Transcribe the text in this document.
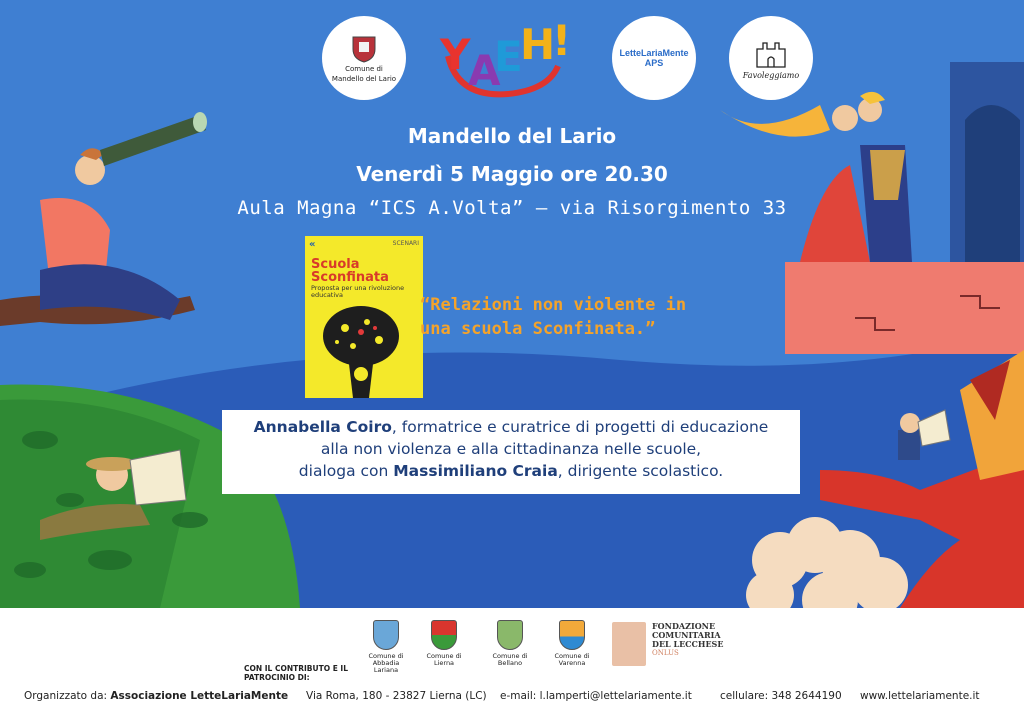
Comune di
Mandello del Lario Y
A
E
H
!	LetteLariaMente APS
Favoleggiamo
Mandello del Lario
Venerdì 5 Maggio ore 20.30
Aula Magna “ICS A.Volta” – via Risorgimento 33
«	SCENARI
Scuola
Sconfinata
Proposta per una rivoluzione educativa	“Relazioni non violente in
una scuola Sconfinata.”
Annabella Coiro, formatrice e curatrice di progetti di educazione
alla non violenza e alla cittadinanza nelle scuole,
dialoga con Massimiliano Craia, dirigente scolastico.
CON IL CONTRIBUTO E IL PATROCINIO DI:
Comune di Abbadia Lariana
Comune di Lierna
Comune di Bellano
Comune di Varenna
FONDAZIONE
COMUNITARIA
DEL LECCHESE
ONLUS
Organizzato da: Associazione LetteLariaMente Via Roma, 180 - 23827 Lierna (LC) e-mail: l.lamperti@lettelariamente.it	cellulare: 348 2644190 www.lettelariamente.it
